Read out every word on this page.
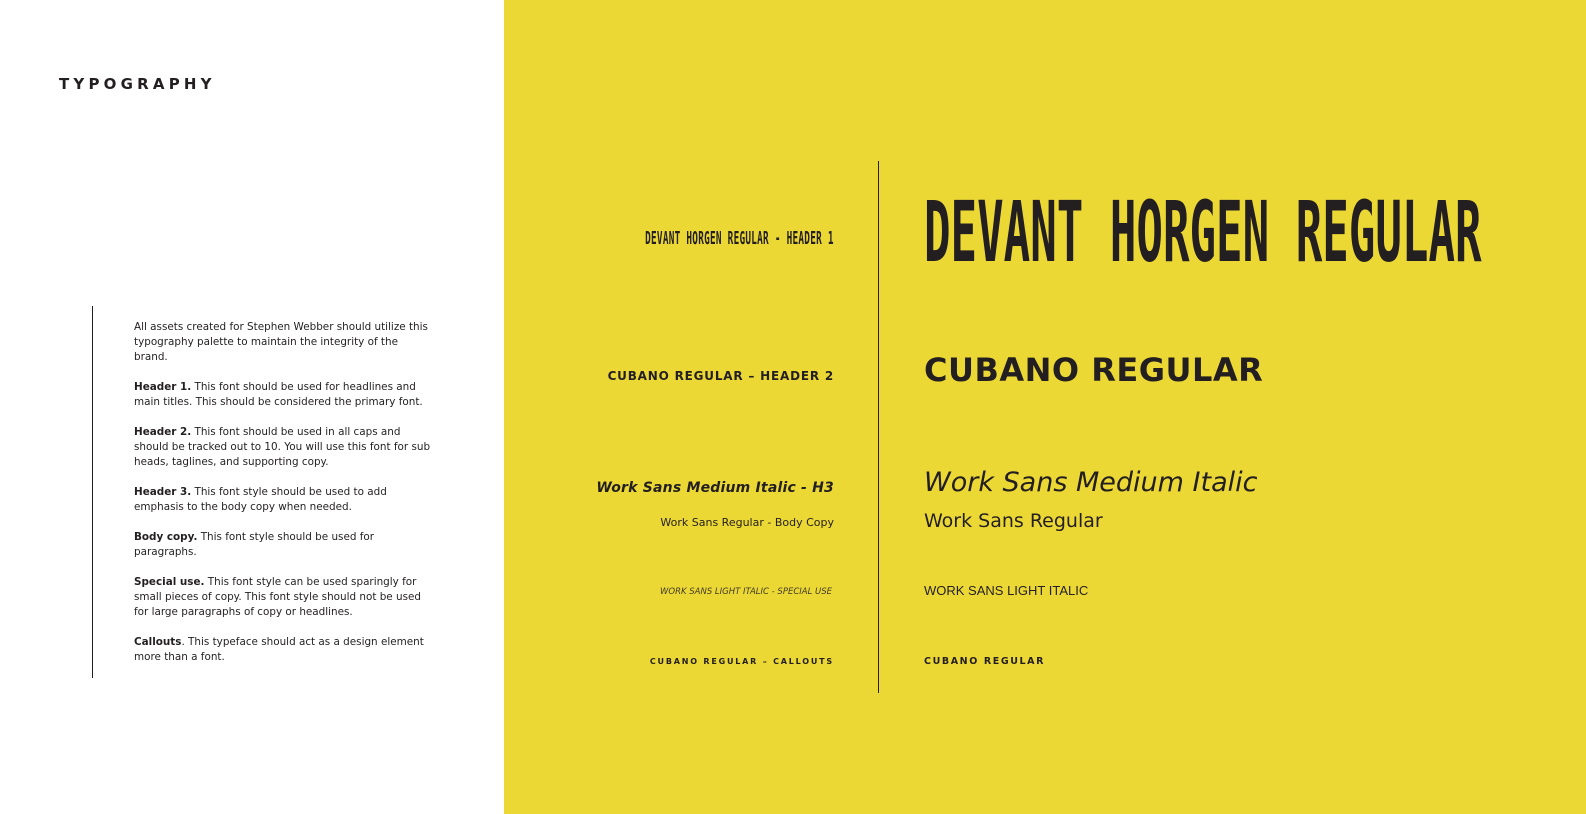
TYPOGRAPHY

All assets created for Stephen Webber should utilize this typography palette to maintain the integrity of the brand.

Header 1. This font should be used for headlines and main titles. This should be considered the primary font.

Header 2. This font should be used in all caps and should be tracked out to 10. You will use this font for sub heads, taglines, and supporting copy.

Header 3. This font style should be used to add emphasis to the body copy when needed.

Body copy. This font style should be used for paragraphs.

Special use. This font style can be used sparingly for small pieces of copy. This font style should not be used for large paragraphs of copy or headlines.

Callouts. This typeface should act as a design element more than a font.

DEVANT HORGEN REGULAR - HEADER 1
CUBANO REGULAR – HEADER 2
Work Sans Medium Italic - H3
Work Sans Regular - Body Copy
WORK SANS LIGHT ITALIC - SPECIAL USE
CUBANO REGULAR – CALLOUTS
DEVANT HORGEN REGULAR
CUBANO REGULAR
Work Sans Medium Italic
Work Sans Regular
WORK SANS LIGHT ITALIC
CUBANO REGULAR
